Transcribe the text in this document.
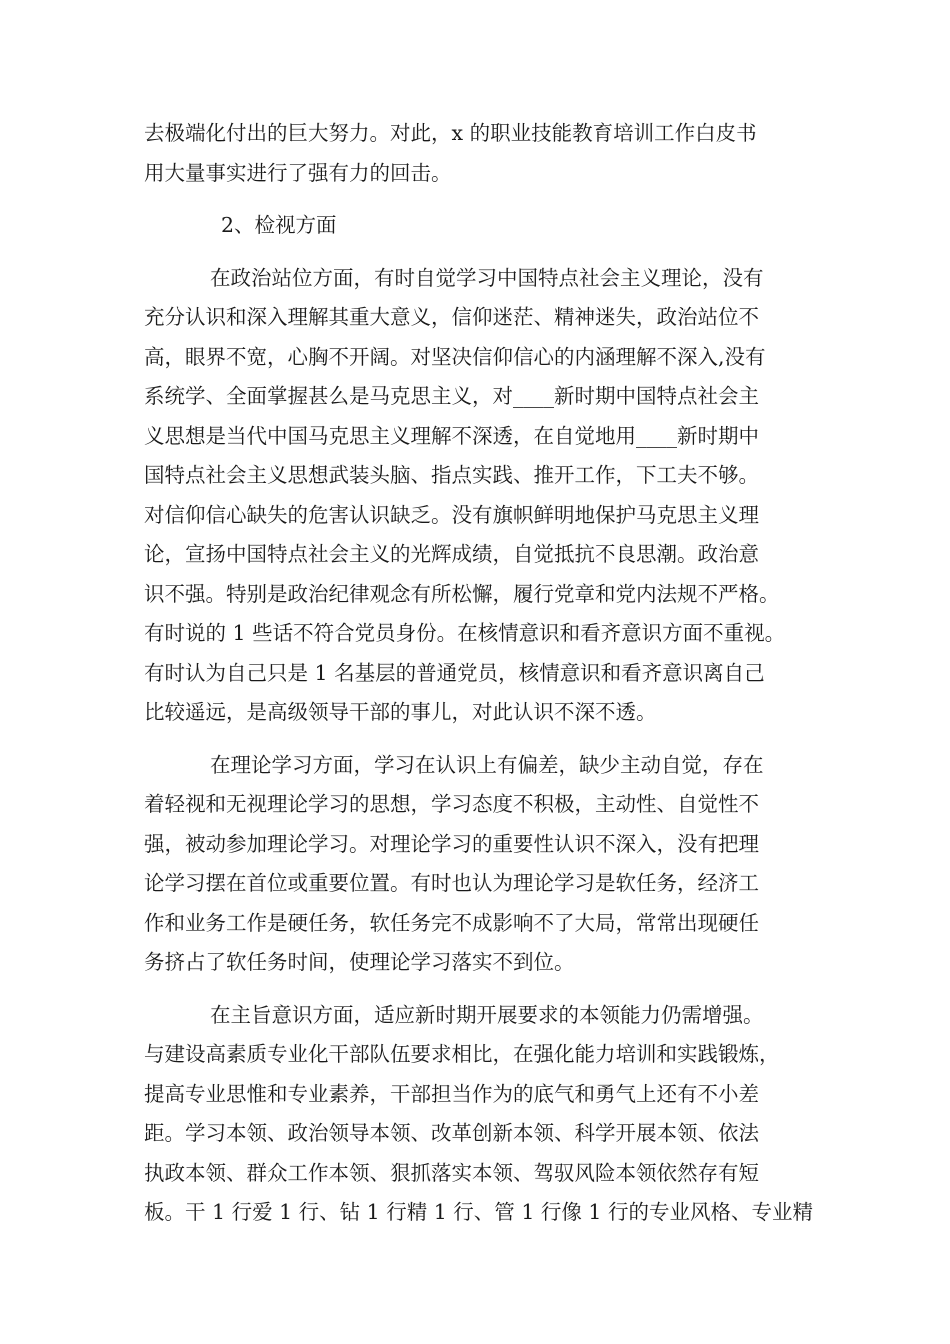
去极端化付出的巨大努力。对此，x 的职业技能教育培训工作白皮书
用大量事实进行了强有力的回击。
2、检视方面
在政治站位方面，有时自觉学习中国特点社会主义理论，没有
充分认识和深入理解其重大意义，信仰迷茫、精神迷失，政治站位不
高，眼界不宽，心胸不开阔。对坚决信仰信心的内涵理解不深入,没有
系统学、全面掌握甚么是马克思主义，对____新时期中国特点社会主
义思想是当代中国马克思主义理解不深透，在自觉地用____新时期中
国特点社会主义思想武装头脑、指点实践、推开工作，下工夫不够。
对信仰信心缺失的危害认识缺乏。没有旗帜鲜明地保护马克思主义理
论，宣扬中国特点社会主义的光辉成绩，自觉抵抗不良思潮。政治意
识不强。特别是政治纪律观念有所松懈，履行党章和党内法规不严格。
有时说的 1 些话不符合党员身份。在核情意识和看齐意识方面不重视。
有时认为自己只是 1 名基层的普通党员，核情意识和看齐意识离自己
比较遥远，是高级领导干部的事儿，对此认识不深不透。
在理论学习方面，学习在认识上有偏差，缺少主动自觉，存在
着轻视和无视理论学习的思想，学习态度不积极，主动性、自觉性不
强，被动参加理论学习。对理论学习的重要性认识不深入，没有把理
论学习摆在首位或重要位置。有时也认为理论学习是软任务，经济工
作和业务工作是硬任务，软任务完不成影响不了大局，常常出现硬任
务挤占了软任务时间，使理论学习落实不到位。
在主旨意识方面，适应新时期开展要求的本领能力仍需增强。
与建设高素质专业化干部队伍要求相比，在强化能力培训和实践锻炼，
提高专业思惟和专业素养，干部担当作为的底气和勇气上还有不小差
距。学习本领、政治领导本领、改革创新本领、科学开展本领、依法
执政本领、群众工作本领、狠抓落实本领、驾驭风险本领依然存有短
板。干 1 行爱 1 行、钻 1 行精 1 行、管 1 行像 1 行的专业风格、专业精
